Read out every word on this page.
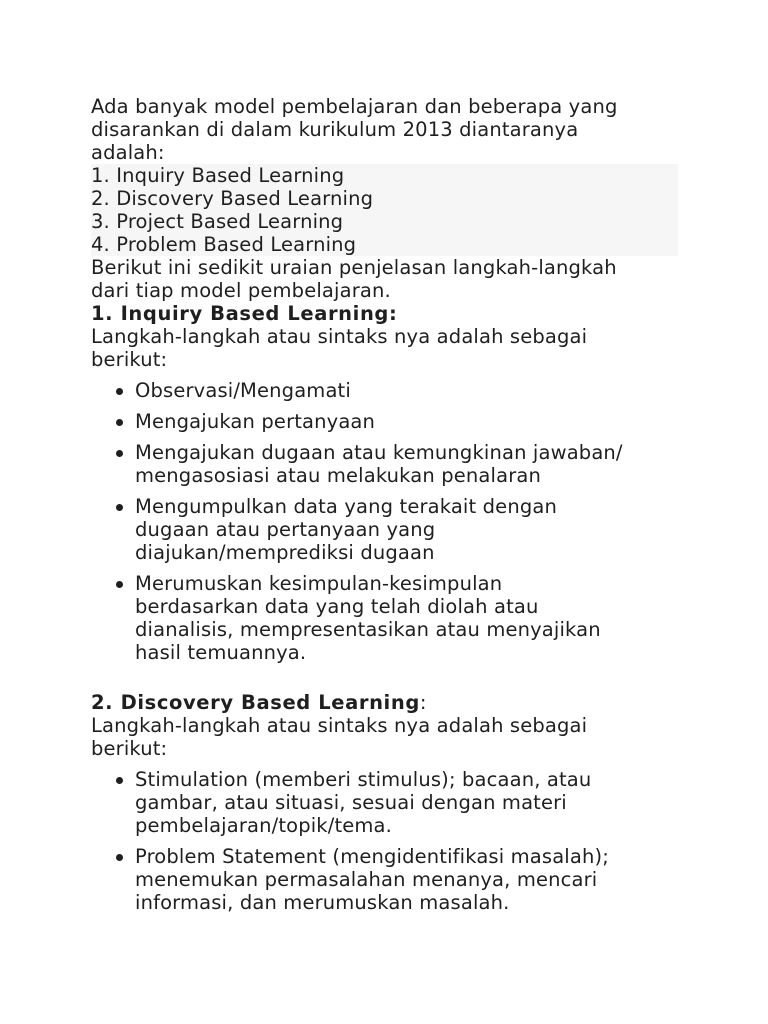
Ada banyak model pembelajaran dan beberapa yang
disarankan di dalam kurikulum 2013 diantaranya
adalah:

1. Inquiry Based Learning
2. Discovery Based Learning
3. Project Based Learning
4. Problem Based Learning

Berikut ini sedikit uraian penjelasan langkah-langkah
dari tiap model pembelajaran.

1. Inquiry Based Learning:

Langkah-langkah atau sintaks nya adalah sebagai
berikut:

Observasi/Mengamati
Mengajukan pertanyaan
Mengajukan dugaan atau kemungkinan jawaban/
mengasosiasi atau melakukan penalaran
Mengumpulkan data yang terakait dengan
dugaan atau pertanyaan yang
diajukan/memprediksi dugaan
Merumuskan kesimpulan-kesimpulan
berdasarkan data yang telah diolah atau
dianalisis, mempresentasikan atau menyajikan
hasil temuannya.

2. Discovery Based Learning:

Langkah-langkah atau sintaks nya adalah sebagai
berikut:

Stimulation (memberi stimulus); bacaan, atau
gambar, atau situasi, sesuai dengan materi
pembelajaran/topik/tema.
Problem Statement (mengidentifikasi masalah);
menemukan permasalahan menanya, mencari
informasi, dan merumuskan masalah.
